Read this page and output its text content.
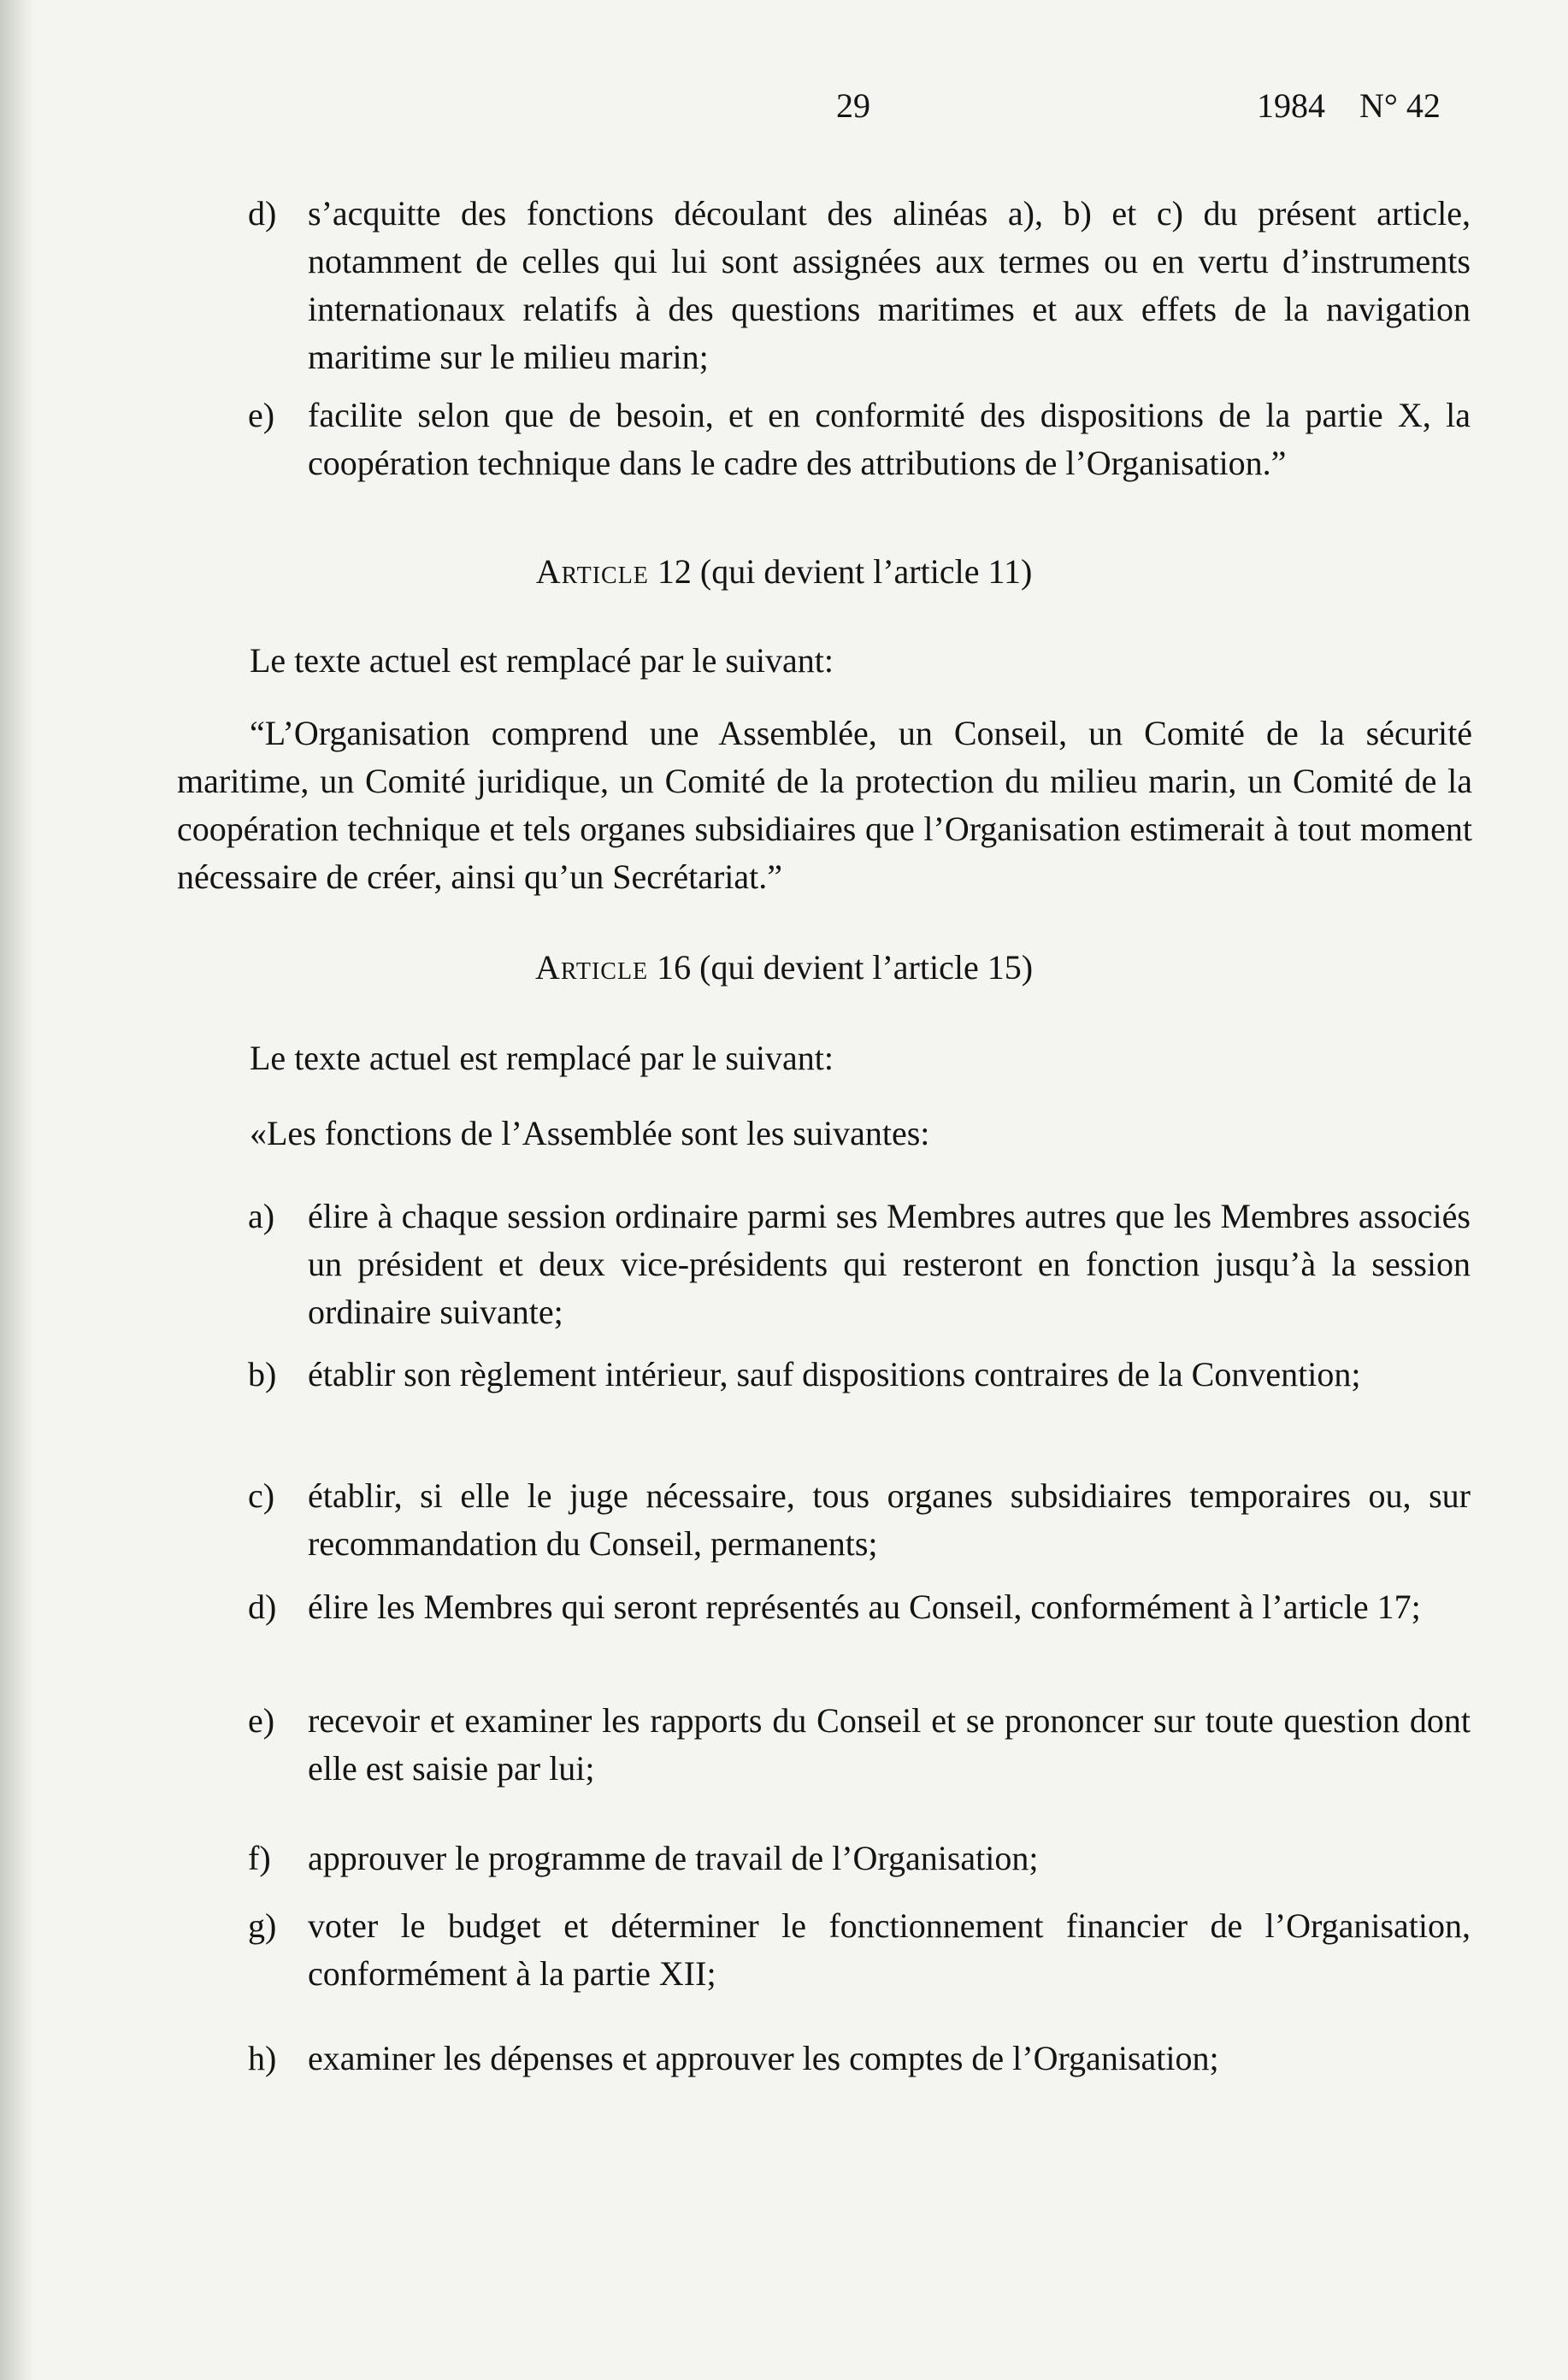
29	1984    N° 42
d) s’acquitte des fonctions découlant des alinéas a), b) et c) du présent article, notamment de celles qui lui sont assignées aux termes ou en vertu d’instruments internationaux relatifs à des questions maritimes et aux effets de la navigation maritime sur le milieu marin;
e) facilite selon que de besoin, et en conformité des dispositions de la partie X, la coopération technique dans le cadre des attributions de l’Organisation.”
Article 12 (qui devient l’article 11)
Le texte actuel est remplacé par le suivant:
“L’Organisation comprend une Assemblée, un Conseil, un Comité de la sécurité maritime, un Comité juridique, un Comité de la protection du milieu marin, un Comité de la coopération technique et tels organes subsidiaires que l’Organisation estimerait à tout moment nécessaire de créer, ainsi qu’un Secrétariat.”
Article 16 (qui devient l’article 15)
Le texte actuel est remplacé par le suivant:
«Les fonctions de l’Assemblée sont les suivantes:
a) élire à chaque session ordinaire parmi ses Membres autres que les Membres associés un président et deux vice-présidents qui resteront en fonction jusqu’à la session ordinaire suivante;
b) établir son règlement intérieur, sauf dispositions contraires de la Convention;
c) établir, si elle le juge nécessaire, tous organes subsidiaires temporaires ou, sur recommandation du Conseil, permanents;
d) élire les Membres qui seront représentés au Conseil, conformément à l’article 17;
e) recevoir et examiner les rapports du Conseil et se prononcer sur toute question dont elle est saisie par lui;
f) approuver le programme de travail de l’Organisation;
g) voter le budget et déterminer le fonctionnement financier de l’Organisation, conformément à la partie XII;
h) examiner les dépenses et approuver les comptes de l’Organisation;
